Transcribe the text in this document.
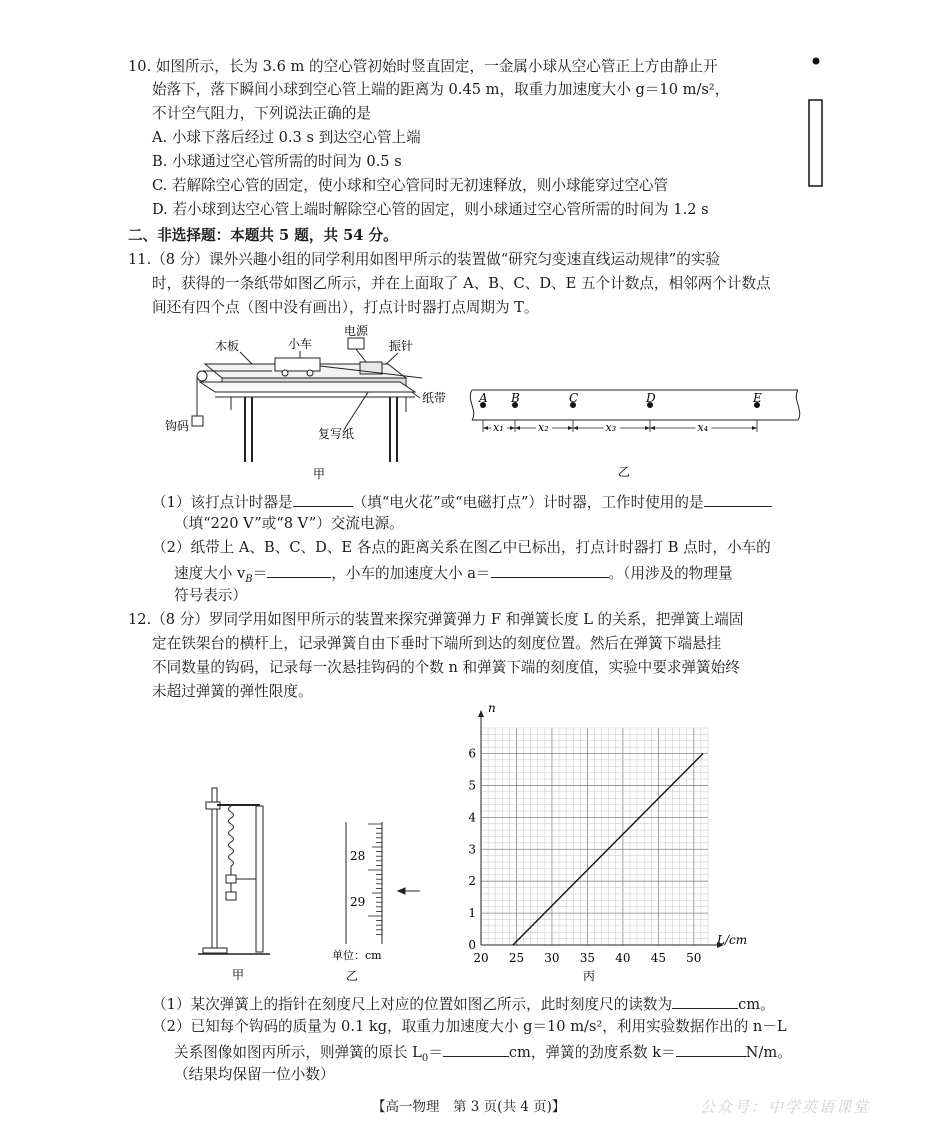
10. 如图所示，长为 3.6 m 的空心管初始时竖直固定，一金属小球从空心管正上方由静止开
始落下，落下瞬间小球到空心管上端的距离为 0.45 m，取重力加速度大小 g＝10 m/s²，
不计空气阻力，下列说法正确的是
A. 小球下落后经过 0.3 s 到达空心管上端
B. 小球通过空心管所需的时间为 0.5 s
C. 若解除空心管的固定，使小球和空心管同时无初速释放，则小球能穿过空心管
D. 若小球到达空心管上端时解除空心管的固定，则小球通过空心管所需的时间为 1.2 s
二、非选择题：本题共 5 题，共 54 分。
11.（8 分）课外兴趣小组的同学利用如图甲所示的装置做“研究匀变速直线运动规律”的实验
时，获得的一条纸带如图乙所示，并在上面取了 A、B、C、D、E 五个计数点，相邻两个计数点
间还有四个点（图中没有画出），打点计时器打点周期为 T。
电源
小车	振针
木板
纸带
钩码
复写纸
甲
A B	C	D	E
x₁	x₂	x₃	x₄
乙
（1）该打点计时器是	（填“电火花”或“电磁打点”）计时器，工作时使用的是
（填“220 V”或“8 V”）交流电源。
（2）纸带上 A、B、C、D、E 各点的距离关系在图乙中已标出，打点计时器打 B 点时，小车的
速度大小 $v_B=$	，小车的加速度大小 a＝	。（用涉及的物理量
符号表示）
12.（8 分）罗同学用如图甲所示的装置来探究弹簧弹力 F 和弹簧长度 L 的关系，把弹簧上端固
定在铁架台的横杆上，记录弹簧自由下垂时下端所到达的刻度位置。然后在弹簧下端悬挂
不同数量的钩码，记录每一次悬挂钩码的个数 n 和弹簧下端的刻度值，实验中要求弹簧始终
未超过弹簧的弹性限度。
甲
28
29
单位：cm
乙
20 25 30 35 40 45 50
0
1
2
3
4
5
6
n
L/cm
丙
（1）某次弹簧上的指针在刻度尺上对应的位置如图乙所示，此时刻度尺的读数为	cm。
（2）已知每个钩码的质量为 0.1 kg，取重力加速度大小 g＝10 m/s²，利用实验数据作出的 n－L
关系图像如图丙所示，则弹簧的原长 $L_0=$	cm，弹簧的劲度系数 k＝	N/m。
（结果均保留一位小数）
【高一物理　第 3 页(共 4 页)】	公众号：中学英语课堂
